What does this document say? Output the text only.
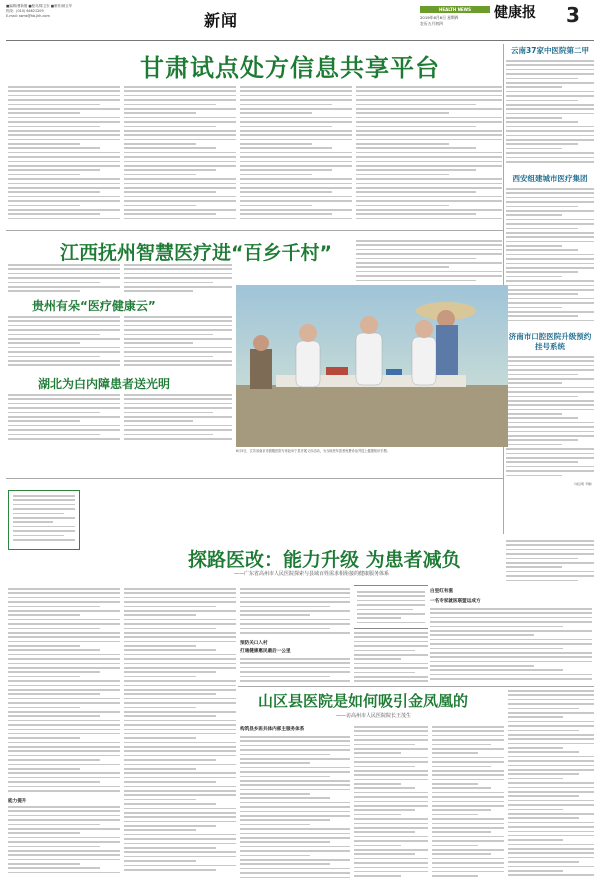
■编辑/曹新刚 ■校对/陈卫东 ■制作/薛玉华
热线：(010) 64621209
E-mail: ssms@hb-jkh.com	新闻
HEALTH NEWS	健康报
2019年6月6日 星期四
农历五月初四	3
甘肃试点处方信息共享平台
云南37家中医院第二甲
西安组建城市医疗集团
济南市口腔医院升级预约挂号系统
（刘启明 尹静）
江西抚州智慧医疗进“百乡千村”
贵州有朵“医疗健康云”
湖北为白内障患者送光明
6月5日，江苏省南京市鼓楼医院专家赴阜宁县开展义诊活动，为当地老年患者免费诊治并送上健康知识手册。
探路医改：能力升级 为患者减负
——广东省高州市人民医院探索与县域百姓需求相衔接的健康服务体系
能力提升
预防关口入村
打通健康惠民最后一公里
白里红有滋
一名专家就医联盟运成方
山区县医院是如何吸引金凤凰的
——访高州市人民医院院长王茂生
构筑县乡医共体内部主服务体系
